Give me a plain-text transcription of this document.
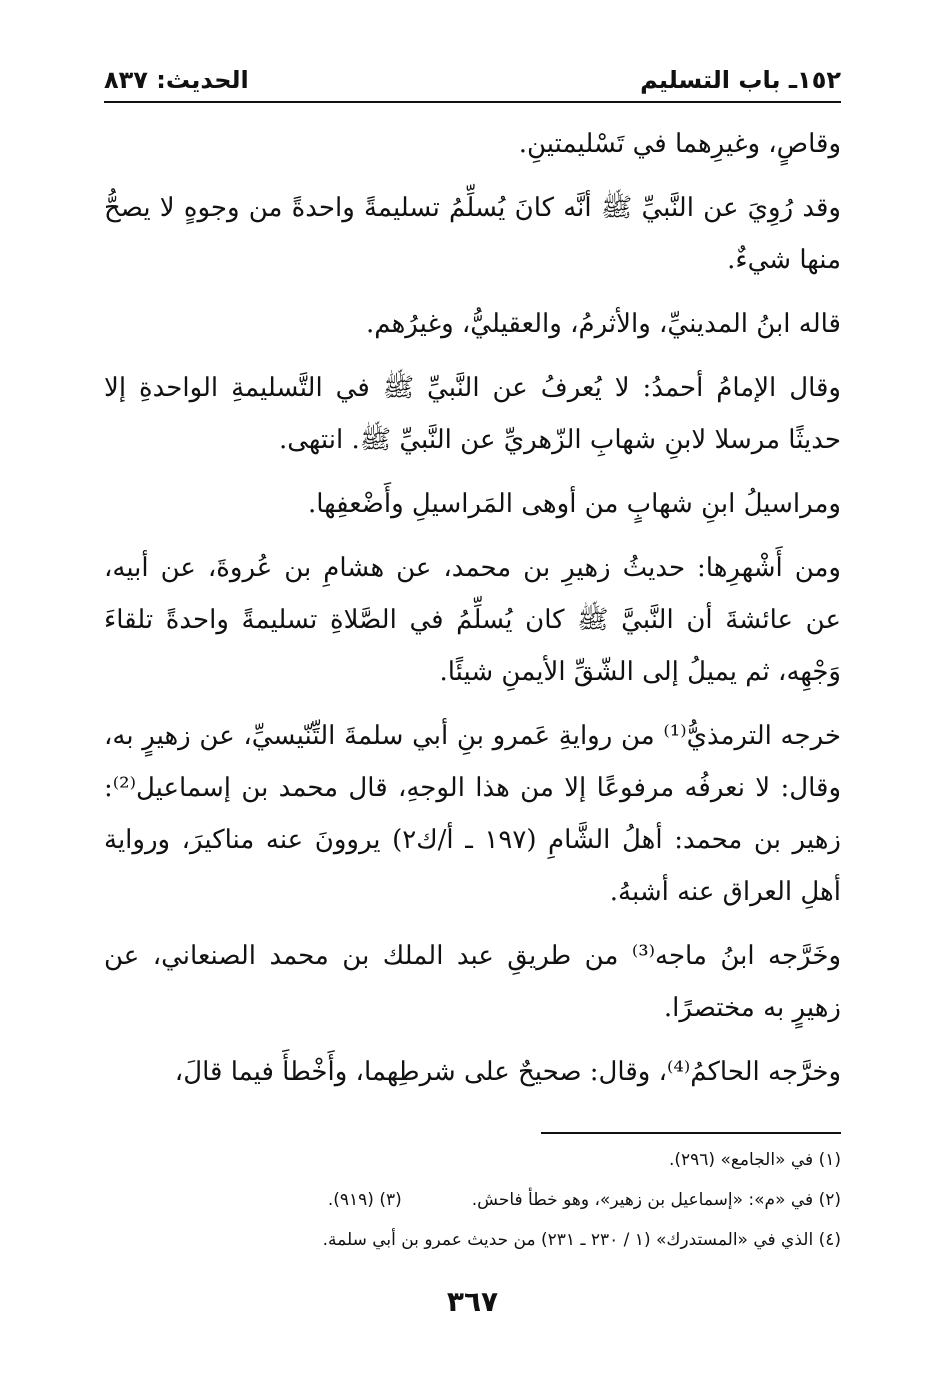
١٥٢ـ باب التسليم
الحديث: ٨٣٧

وقاصٍ، وغيرِهما في تَسْليمتينِ.

وقد رُوِيَ عن النَّبيِّ ﷺ أنَّه كانَ يُسلِّمُ تسليمةً واحدةً من وجوهٍ لا يصحُّ منها شيءٌ.

قاله ابنُ المدينيِّ، والأثرمُ، والعقيليُّ، وغيرُهم.

وقال الإمامُ أحمدُ: لا يُعرفُ عن النَّبيِّ ﷺ في التَّسليمةِ الواحدةِ إلا حديثًا مرسلا لابنِ شهابِ الزّهريِّ عن النَّبيِّ ﷺ. انتهى.

ومراسيلُ ابنِ شهابٍ من أوهى المَراسيلِ وأَضْعفِها.

ومن أَشْهرِها: حديثُ زهيرِ بن محمد، عن هشامِ بن عُروةَ، عن أبيه، عن عائشةَ أن النَّبيَّ ﷺ كان يُسلِّمُ في الصَّلاةِ تسليمةً واحدةً تلقاءَ وَجْهِه، ثم يميلُ إلى الشّقِّ الأيمنِ شيئًا.

خرجه الترمذيُّ⁽¹⁾ من روايةِ عَمرو بنِ أبي سلمةَ التِّنّيسيِّ، عن زهيرٍ به، وقال: لا نعرفُه مرفوعًا إلا من هذا الوجهِ، قال محمد بن إسماعيل⁽²⁾: زهير بن محمد: أهلُ الشَّامِ (١٩٧ ـ أ/ك٢) يروونَ عنه مناكيرَ، ورواية أهلِ العراق عنه أشبهُ.

وخَرَّجه ابنُ ماجه⁽³⁾ من طريقِ عبد الملك بن محمد الصنعاني، عن زهيرٍ به مختصرًا.

وخرَّجه الحاكمُ⁽⁴⁾، وقال: صحيحٌ على شرطِهما، وأَخْطأَ فيما قالَ،

(١) في «الجامع» (٢٩٦).

(٢) في «م»: «إسماعيل بن زهير»، وهو خطأ فاحش.(٣) (٩١٩).

(٤) الذي في «المستدرك» (١ / ٢٣٠ ـ ٢٣١) من حديث عمرو بن أبي سلمة.

٣٦٧
